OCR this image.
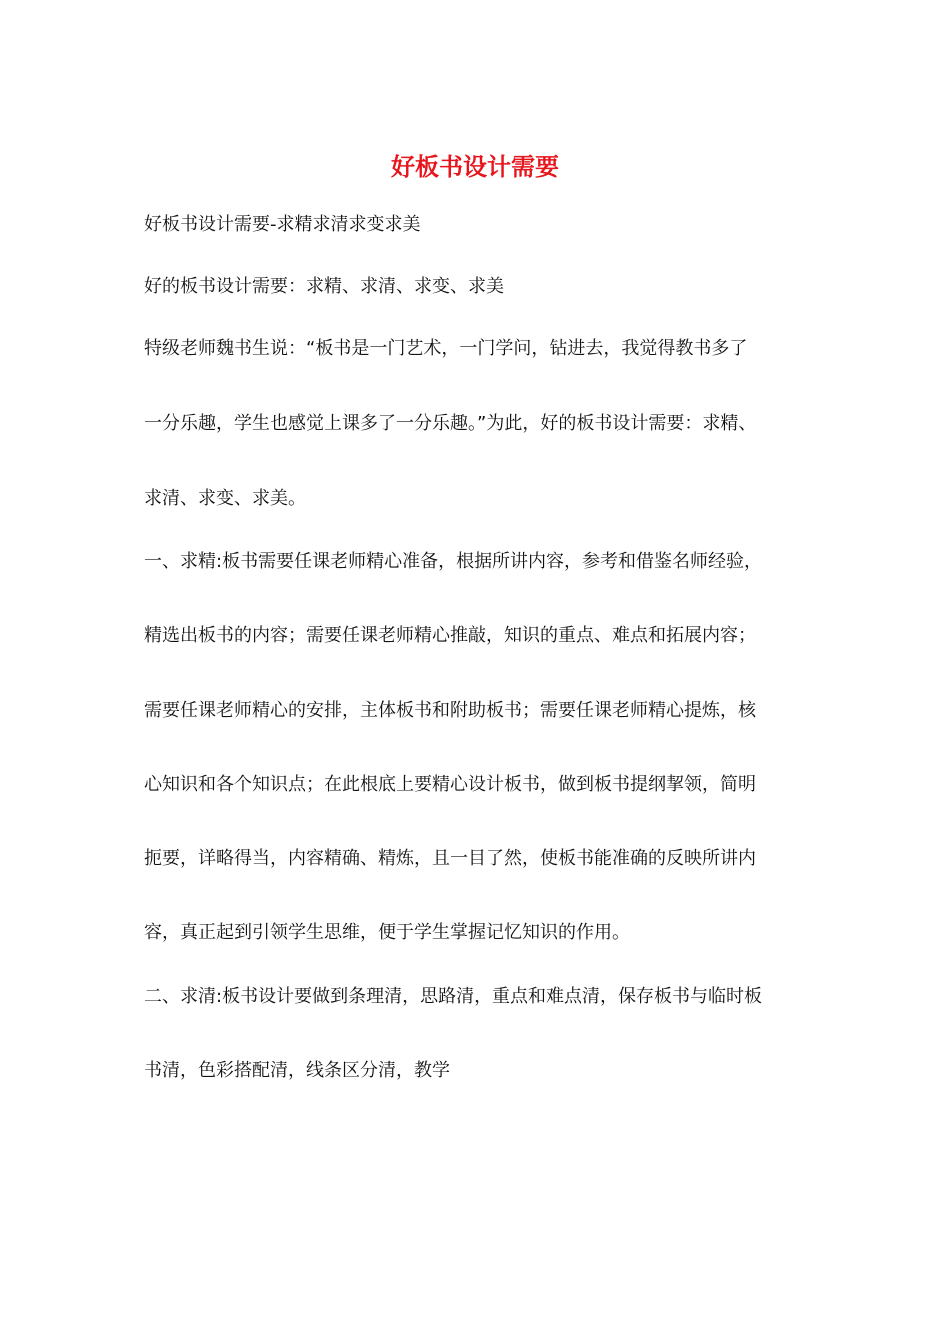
好板书设计需要
好板书设计需要-求精求清求变求美
好的板书设计需要：求精、求清、求变、求美
特级老师魏书生说：“板书是一门艺术，一门学问，钻进去，我觉得教书多了
一分乐趣，学生也感觉上课多了一分乐趣。”为此，好的板书设计需要：求精、
求清、求变、求美。
一、求精:板书需要任课老师精心准备，根据所讲内容，参考和借鉴名师经验，
精选出板书的内容；需要任课老师精心推敲，知识的重点、难点和拓展内容；
需要任课老师精心的安排，主体板书和附助板书；需要任课老师精心提炼，核
心知识和各个知识点；在此根底上要精心设计板书，做到板书提纲挈领，简明
扼要，详略得当，内容精确、精炼，且一目了然，使板书能准确的反映所讲内
容，真正起到引领学生思维，便于学生掌握记忆知识的作用。
二、求清:板书设计要做到条理清，思路清，重点和难点清，保存板书与临时板
书清，色彩搭配清，线条区分清，教学
